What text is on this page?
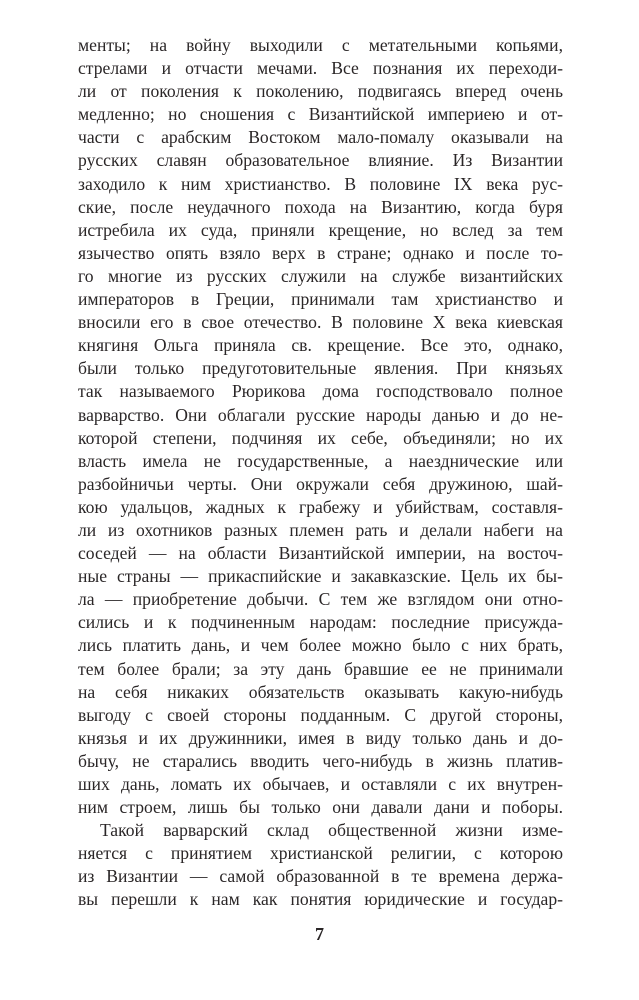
менты; на войну выходили с метательными копьями,
стрелами и отчасти мечами. Все познания их переходи-
ли от поколения к поколению, подвигаясь вперед очень
медленно; но сношения с Византийской империею и от-
части с арабским Востоком мало-помалу оказывали на
русских славян образовательное влияние. Из Византии
заходило к ним христианство. В половине IX века рус-
ские, после неудачного похода на Византию, когда буря
истребила их суда, приняли крещение, но вслед за тем
язычество опять взяло верх в стране; однако и после то-
го многие из русских служили на службе византийских
императоров в Греции, принимали там христианство и
вносили его в свое отечество. В половине X века киевская
княгиня Ольга приняла св. крещение. Все это, однако,
были только предуготовительные явления. При князьях
так называемого Рюрикова дома господствовало полное
варварство. Они облагали русские народы данью и до не-
которой степени, подчиняя их себе, объединяли; но их
власть имела не государственные, а наезднические или
разбойничьи черты. Они окружали себя дружиною, шай-
кою удальцов, жадных к грабежу и убийствам, составля-
ли из охотников разных племен рать и делали набеги на
соседей — на области Византийской империи, на восточ-
ные страны — прикаспийские и закавказские. Цель их бы-
ла — приобретение добычи. С тем же взглядом они отно-
сились и к подчиненным народам: последние присужда-
лись платить дань, и чем более можно было с них брать,
тем более брали; за эту дань бравшие ее не принимали
на себя никаких обязательств оказывать какую-нибудь
выгоду с своей стороны подданным. С другой стороны,
князья и их дружинники, имея в виду только дань и до-
бычу, не старались вводить чего-нибудь в жизнь платив-
ших дань, ломать их обычаев, и оставляли с их внутрен-
ним строем, лишь бы только они давали дани и поборы.
Такой варварский склад общественной жизни изме-
няется с принятием христианской религии, с которою
из Византии — самой образованной в те времена держа-
вы перешли к нам как понятия юридические и государ-
7
